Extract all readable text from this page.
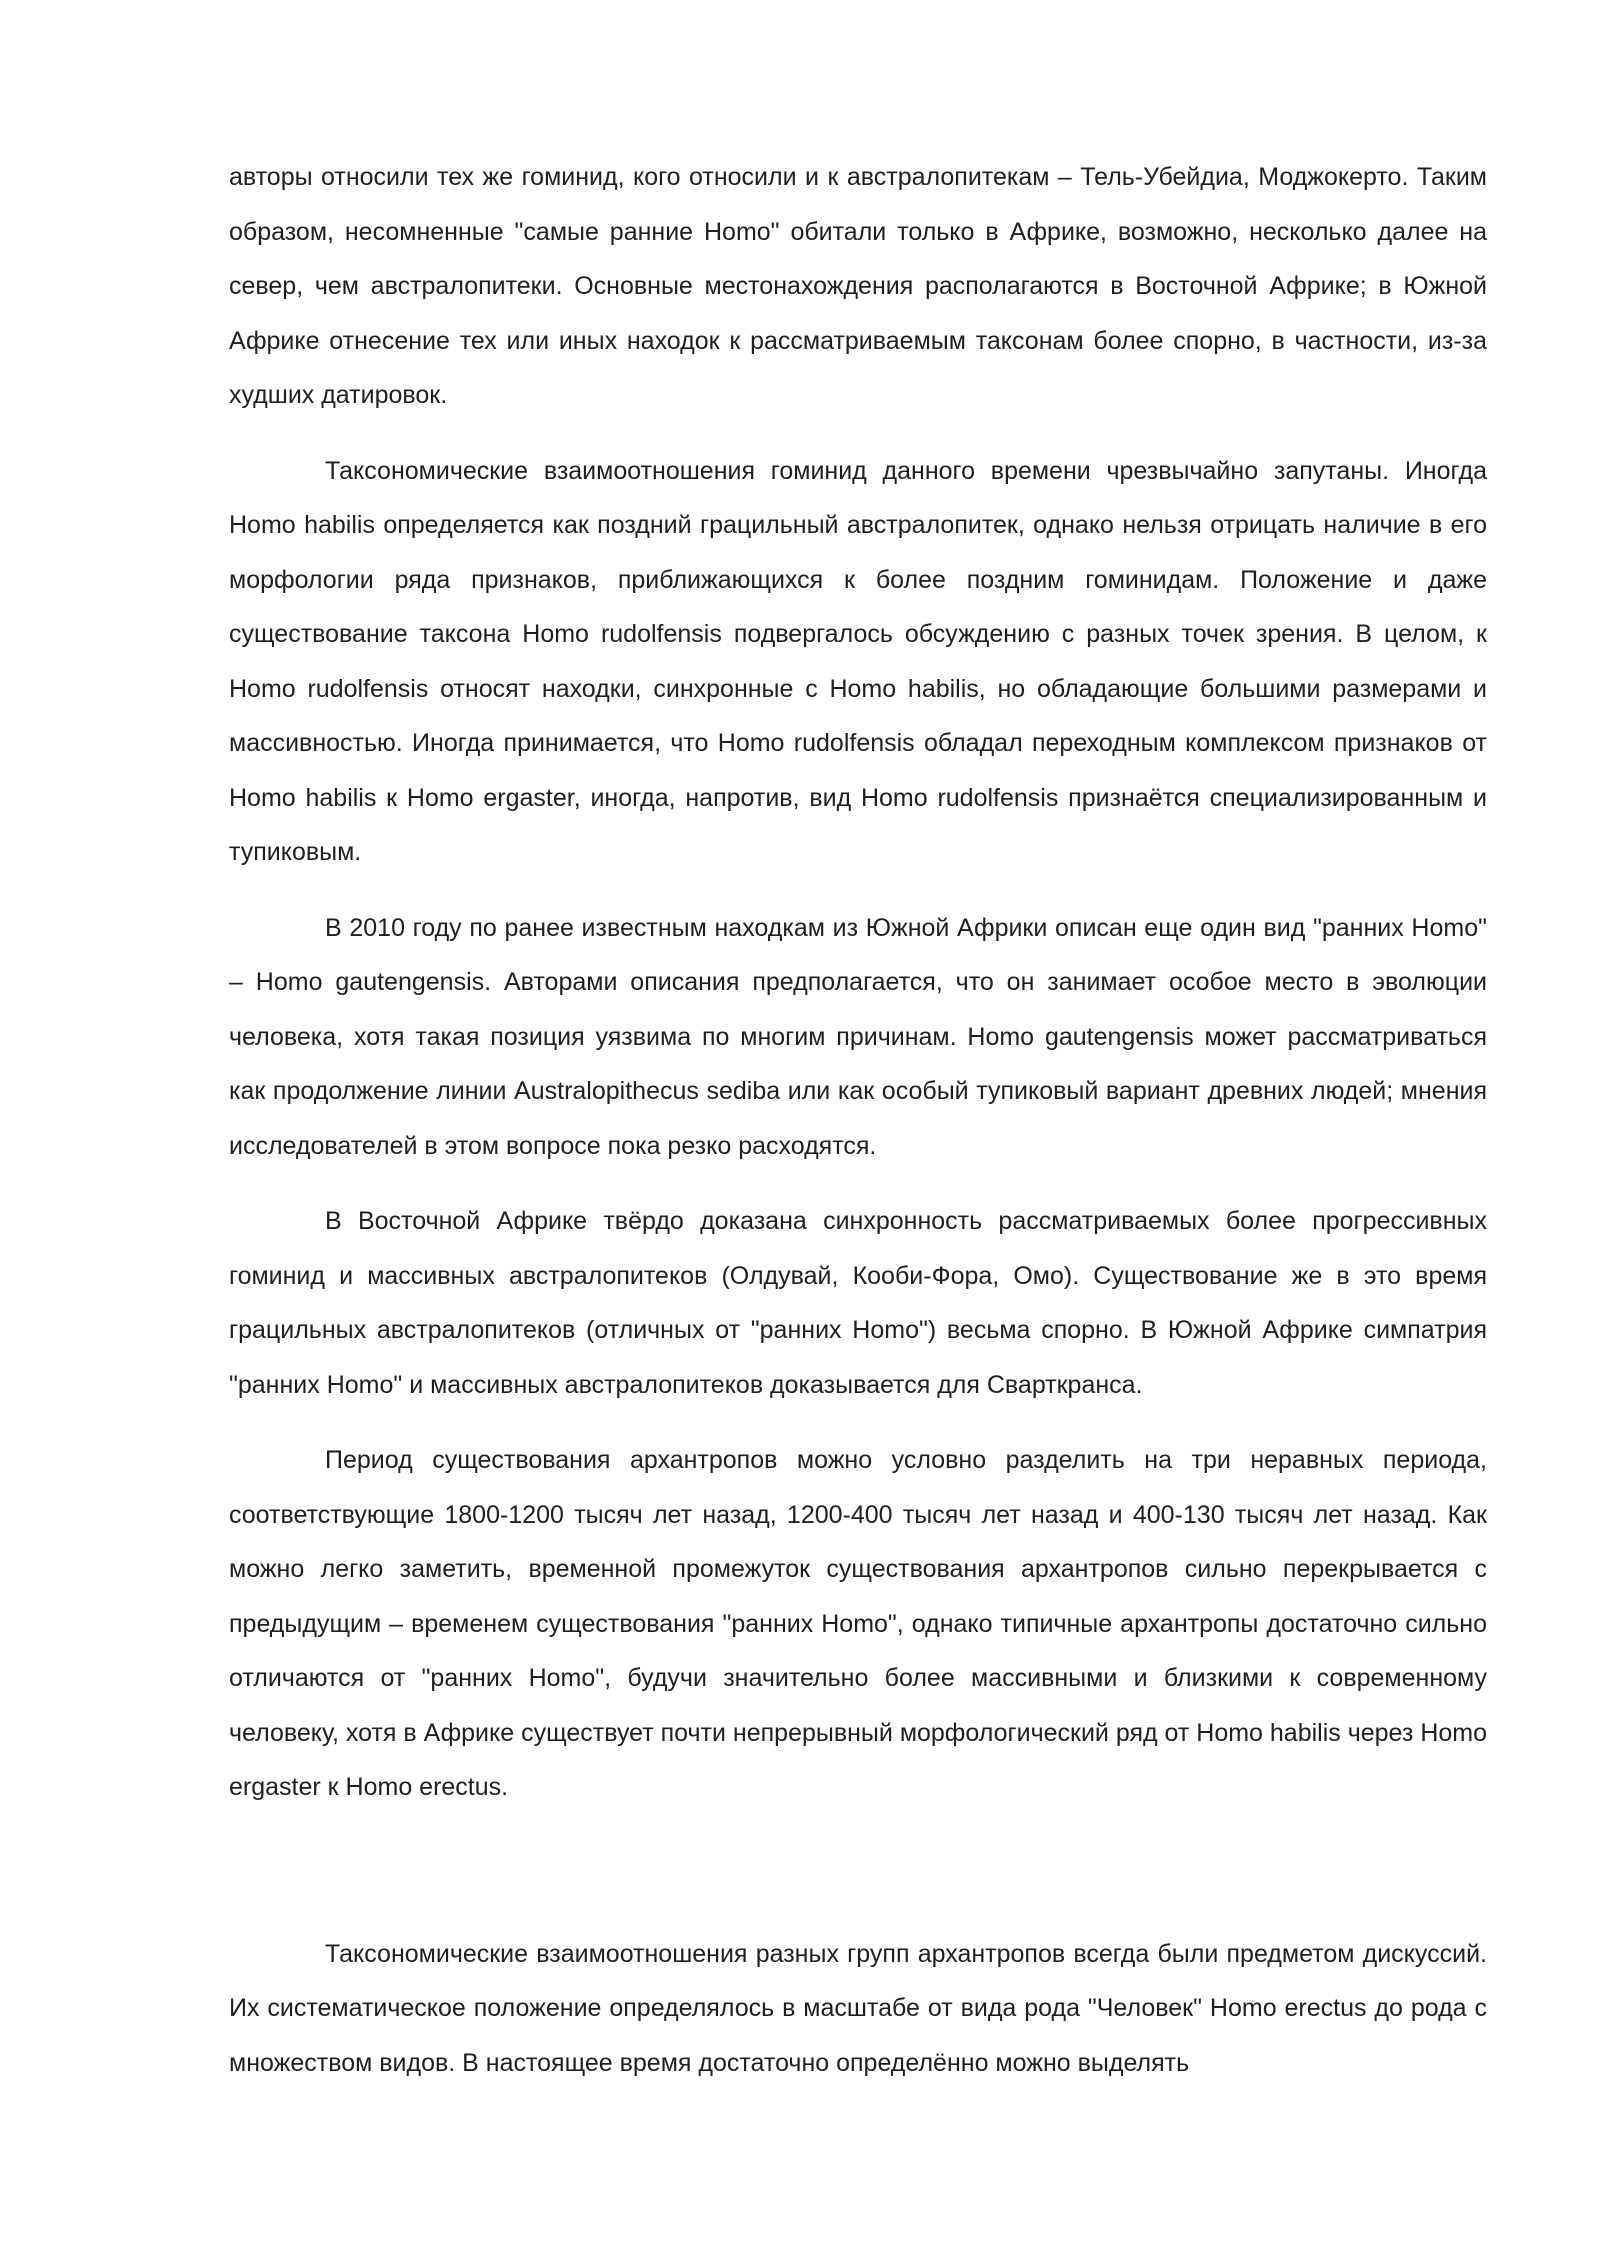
авторы относили тех же гоминид, кого относили и к австралопитекам – Тель-Убейдиа, Моджокерто. Таким образом, несомненные "самые ранние Homo" обитали только в Африке, возможно, несколько далее на север, чем австралопитеки. Основные местонахождения располагаются в Восточной Африке; в Южной Африке отнесение тех или иных находок к рассматриваемым таксонам более спорно, в частности, из-за худших датировок.

Таксономические взаимоотношения гоминид данного времени чрезвычайно запутаны. Иногда Homo habilis определяется как поздний грацильный австралопитек, однако нельзя отрицать наличие в его морфологии ряда признаков, приближающихся к более поздним гоминидам. Положение и даже существование таксона Homo rudolfensis подвергалось обсуждению с разных точек зрения. В целом, к Homo rudolfensis относят находки, синхронные с Homo habilis, но обладающие большими размерами и массивностью. Иногда принимается, что Homo rudolfensis обладал переходным комплексом признаков от Homo habilis к Homo ergaster, иногда, напротив, вид Homo rudolfensis признаётся специализированным и тупиковым.

В 2010 году по ранее известным находкам из Южной Африки описан еще один вид "ранних Homo" – Homo gautengensis. Авторами описания предполагается, что он занимает особое место в эволюции человека, хотя такая позиция уязвима по многим причинам. Homo gautengensis может рассматриваться как продолжение линии Australopithecus sediba или как особый тупиковый вариант древних людей; мнения исследователей в этом вопросе пока резко расходятся.

В Восточной Африке твёрдо доказана синхронность рассматриваемых более прогрессивных гоминид и массивных австралопитеков (Олдувай, Кооби-Фора, Омо). Существование же в это время грацильных австралопитеков (отличных от "ранних Homo") весьма спорно. В Южной Африке симпатрия "ранних Homo" и массивных австралопитеков доказывается для Сварткранса.

Период существования архантропов можно условно разделить на три неравных периода, соответствующие 1800-1200 тысяч лет назад, 1200-400 тысяч лет назад и 400-130 тысяч лет назад. Как можно легко заметить, временной промежуток существования архантропов сильно перекрывается с предыдущим – временем существования "ранних Homo", однако типичные архантропы достаточно сильно отличаются от "ранних Homo", будучи значительно более массивными и близкими к современному человеку, хотя в Африке существует почти непрерывный морфологический ряд от Homo habilis через Homo ergaster к Homo erectus.

Таксономические взаимоотношения разных групп архантропов всегда были предметом дискуссий. Их систематическое положение определялось в масштабе от вида рода "Человек" Homo erectus до рода с множеством видов. В настоящее время достаточно определённо можно выделять
